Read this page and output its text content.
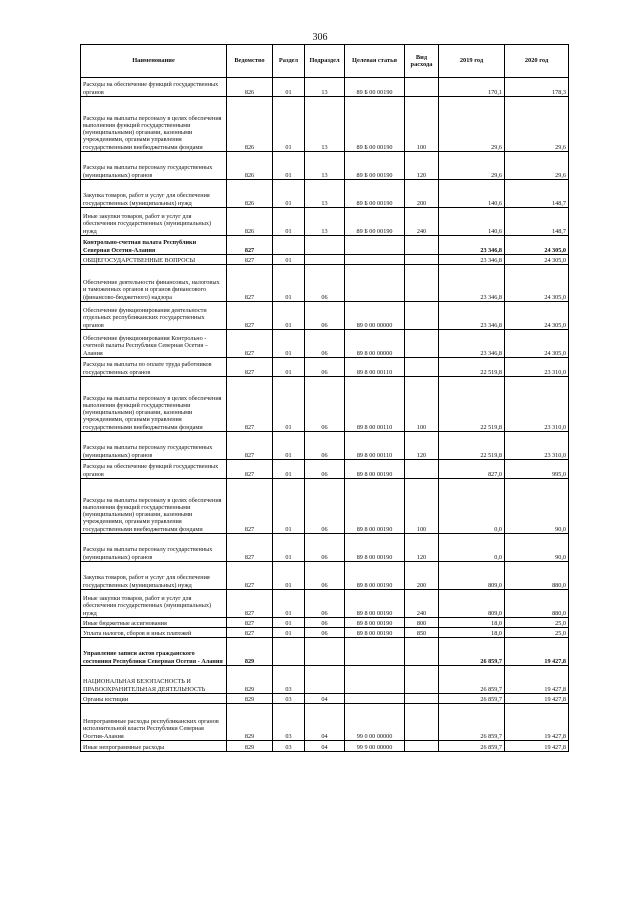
306
Наименование	Ведомство	Раздел	Подраздел	Целевая статья	Вид расхода	2019 год	2020 год
Расходы на обеспечение функций государственных органов	826	01	13	89 Б 00 00190		170,1	178,3
Расходы на выплаты персоналу в целях обеспечения выполнения функций государственными (муниципальными) органами, казенными учреждениями, органами управления государственными внебюджетными фондами	826	01	13	89 Б 00 00190	100	29,6	29,6
Расходы на выплаты персоналу государственных (муниципальных) органов	826	01	13	89 Б 00 00190	120	29,6	29,6
Закупка товаров, работ и услуг для обеспечения государственных (муниципальных) нужд	826	01	13	89 Б 00 00190	200	140,6	148,7
Иные закупки товаров, работ и услуг для обеспечения государственных (муниципальных) нужд	826	01	13	89 Б 00 00190	240	140,6	148,7
Контрольно-счетная палата Республики Северная Осетия-Алания	827					23 346,8	24 305,0
ОБЩЕГОСУДАРСТВЕННЫЕ ВОПРОСЫ	827	01				23 346,8	24 305,0
Обеспечение деятельности финансовых, налоговых и таможенных органов и органов финансового (финансово-бюджетного) надзора	827	01	06			23 346,8	24 305,0
Обеспечение функционирования деятельности отдельных республиканских государственных органов	827	01	06	89 0 00 00000		23 346,8	24 305,0
Обеспечение функционирования Контрольно - счетной палаты Республики Северная Осетия – Алания	827	01	06	89 8 00 00000		23 346,8	24 305,0
Расходы на выплаты по оплате труда работников государственных органов	827	01	06	89 8 00 00110		22 519,8	23 310,0
Расходы на выплаты персоналу в целях обеспечения выполнения функций государственными (муниципальными) органами, казенными учреждениями, органами управления государственными внебюджетными фондами	827	01	06	89 8 00 00110	100	22 519,8	23 310,0
Расходы на выплаты персоналу государственных (муниципальных) органов	827	01	06	89 8 00 00110	120	22 519,8	23 310,0
Расходы на обеспечение функций государственных органов	827	01	06	89 8 00 00190		827,0	995,0
Расходы на выплаты персоналу в целях обеспечения выполнения функций государственными (муниципальными) органами, казенными учреждениями, органами управления государственными внебюджетными фондами	827	01	06	89 8 00 00190	100	0,0	90,0
Расходы на выплаты персоналу государственных (муниципальных) органов	827	01	06	89 8 00 00190	120	0,0	90,0
Закупка товаров, работ и услуг для обеспечения государственных (муниципальных) нужд	827	01	06	89 8 00 00190	200	809,0	880,0
Иные закупки товаров, работ и услуг для обеспечения государственных (муниципальных) нужд	827	01	06	89 8 00 00190	240	809,0	880,0
Иные бюджетные ассигнования	827	01	06	89 8 00 00190	800	18,0	25,0
Уплата налогов, сборов и иных платежей	827	01	06	89 8 00 00190	850	18,0	25,0
Управление записи актов гражданского состояния Республики Северная Осетия - Алания	829					26 859,7	19 427,8
НАЦИОНАЛЬНАЯ БЕЗОПАСНОСТЬ И ПРАВООХРАНИТЕЛЬНАЯ ДЕЯТЕЛЬНОСТЬ	829	03				26 859,7	19 427,8
Органы юстиции	829	03	04			26 859,7	19 427,8
Непрограммные расходы республиканских органов исполнительной власти Республики Северная Осетия-Алания	829	03	04	99 0 00 00000		26 859,7	19 427,8
Иные непрограммные расходы	829	03	04	99 9 00 00000		26 859,7	19 427,8
